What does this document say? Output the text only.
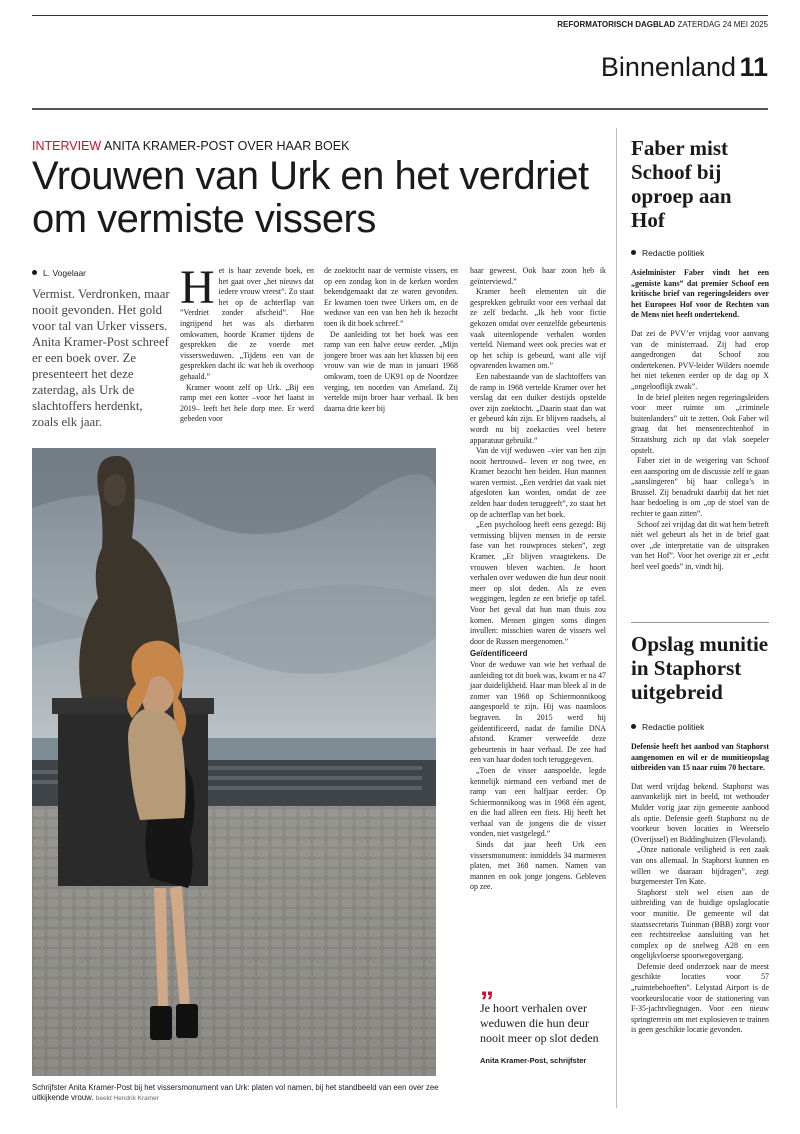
REFORMATORISCH DAGBLAD ZATERDAG 24 MEI 2025
Binnenland 11
INTERVIEW ANITA KRAMER-POST OVER HAAR BOEK
Vrouwen van Urk en het verdriet om vermiste vissers
L. Vogelaar
Vermist. Verdronken, maar nooit gevonden. Het gold voor tal van Urker vissers. Anita Kramer-Post schreef er een boek over. Ze presenteert het deze zaterdag, als Urk de slachtoffers herdenkt, zoals elk jaar.
H et is haar zevende boek, en het gaat over „het nieuws dat iedere vrouw vreest”. Zo staat het op de achterflap van ”Verdriet zonder afscheid”. Hoe ingrijpend het was als dierbaren omkwamen, hoorde Kramer tijdens de gesprekken die ze voerde met vissersweduwen. „Tijdens een van de gesprekken dacht ik: wat heb ik overhoop gehaald.”

Kramer woont zelf op Urk. „Bij een ramp met een kotter –voor het laatst in 2019– leeft het hele dorp mee. Er werd gebeden voor

de zoektocht naar de vermiste vissers, en op een zondag kon in de kerken worden bekendgemaakt dat ze waren gevonden. Er kwamen toen twee Urkers om, en de weduwe van een van hen heb ik bezocht toen ik dit boek schreef.”

De aanleiding tot het boek was een ramp van een halve eeuw eerder. „Mijn jongere broer was aan het klussen bij een vrouw van wie de man in januari 1968 omkwam, toen de UK91 op de Noordzee verging, ten noorden van Ameland. Zij vertelde mijn broer haar verhaal. Ik ben daarna drie keer bij

haar geweest. Ook haar zoon heb ik geïnterviewd.”

Kramer heeft elementen uit die gesprekken gebruikt voor een verhaal dat ze zelf bedacht. „Ik heb voor fictie gekozen omdat over eenzelfde gebeurtenis vaak uiteenlopende verhalen worden verteld. Niemand weet ook precies wat er op het schip is gebeurd, want alle vijf opvarenden kwamen om.”

Een nabestaande van de slachtoffers van de ramp in 1968 vertelde Kramer over het verslag dat een duiker destijds opstelde over zijn zoektocht. „Daarin staat dan wat er gebeurd kán zijn. Er blijven raadsels, al wordt nu bij zoekacties veel betere apparatuur gebruikt.”

Van de vijf weduwen –vier van hen zijn nooit hertrouwd– leven er nog twee, en Kramer bezocht hen beiden. Hun mannen waren vermist. „Een verdriet dat vaak niet afgesloten kan worden, omdat de zee zelden haar doden teruggeeft”, zo staat het op de achterflap van het boek.

„Een psycholoog heeft eens gezegd: Bij vermissing blijven mensen in de eerste fase van het rouwproces steken”, zegt Kramer. „Er blijven vraagtekens. De vrouwen bleven wachten. Je hoort verhalen over weduwen die hun deur nooit meer op slot deden. Als ze even weggingen, legden ze een briefje op tafel. Voor het geval dat hun man thuis zou komen. Mensen gingen soms dingen invullen: misschien waren de vissers wel door de Russen meegenomen.”

Geïdentificeerd

Voor de weduwe van wie het verhaal de aanleiding tot dit boek was, kwam er na 47 jaar duidelijkheid. Haar man bleek al in de zomer van 1968 op Schiermonnikoog aangespoeld te zijn. Hij was naamloos begraven. In 2015 werd hij geïdentificeerd, nadat de familie DNA afstond. Kramer verweefde deze gebeurtenis in haar verhaal. De zee had een van haar doden toch teruggegeven.

„Toen de visser aanspoelde, legde kennelijk niemand een verband met de ramp van een halfjaar eerder. Op Schiermonnikoog was in 1968 één agent, en die had alleen een fiets. Hij heeft het verhaal van de jongens die de visser vonden, niet vastgelegd.”

Sinds dat jaar heeft Urk een vissersmonument: inmiddels 34 marmeren platen, met 368 namen. Namen van mannen en ook jonge jongens. Gebleven op zee.

Schrijfster Anita Kramer-Post bij het vissersmonument van Urk: platen vol namen, bij het standbeeld van een over zee uitkijkende vrouw. beeld Hendrik Kramer
„
Je hoort verhalen over weduwen die hun deur nooit meer op slot deden
Anita Kramer-Post, schrijfster
Faber mist Schoof bij oproep aan Hof
Redactie politiek
Asielminister Faber vindt het een „gemiste kans” dat premier Schoof een kritische brief van regeringsleiders over het Europees Hof voor de Rechten van de Mens niet heeft ondertekend.

Dat zei de PVV’er vrijdag voor aanvang van de ministerraad. Zij had erop aangedrongen dat Schoof zou ondertekenen. PVV-leider Wilders noemde het niet tekenen eerder op de dag op X „ongelooflijk zwak”.

In de brief pleiten negen regeringsleiders voor meer ruimte om „criminele buitenlanders” uit te zetten. Ook Faber wil graag dat het mensenrechtenhof in Straatsburg zich op dat vlak soepeler opstelt.

Faber ziet in de weigering van Schoof een aansporing om de discussie zelf te gaan „aanslingeren” bij haar collega’s in Brussel. Zij benadrukt daarbij dat het niet haar bedoeling is om „op de stoel van de rechter te gaan zitten”.

Schoof zei vrijdag dat dit wat hem betreft níét wel gebeurt als het in de brief gaat over „de interpretatie van de uitspraken van het Hof”. Voor het overige zit er „echt heel veel goeds” in, vindt hij.

Opslag munitie in Staphorst uitgebreid
Redactie politiek
Defensie heeft het aanbod van Staphorst aangenomen en wil er de munitieopslag uitbreiden van 15 naar ruim 70 hectare.

Dat werd vrijdag bekend. Staphorst was aanvankelijk niet in beeld, tot wethouder Mulder vorig jaar zijn gemeente aanbood als optie. Defensie geeft Staphorst nu de voorkeur boven locaties in Weerselo (Overijssel) en Biddinghuizen (Flevoland).

„Onze nationale veiligheid is een zaak van ons allemaal. In Staphorst kunnen en willen we daaraan bijdragen”, zegt burgemeester Ten Kate.

Staphorst stelt wel eisen aan de uitbreiding van de huidige opslaglocatie voor munitie. De gemeente wil dat staatssecretaris Tuinman (BBB) zorgt voor een rechtstreekse aansluiting van het complex op de snelweg A28 en een ongelijkvloerse spoorwegovergang.

Defensie deed onderzoek naar de meest geschikte locaties voor 57 „ruimtebehoeften”. Lelystad Airport is de voorkeurslocatie voor de stationering van F-35-jachtvliegtuigen. Voor een nieuw springterrein om met explosieven te trainen is geen geschikte locatie gevonden.
